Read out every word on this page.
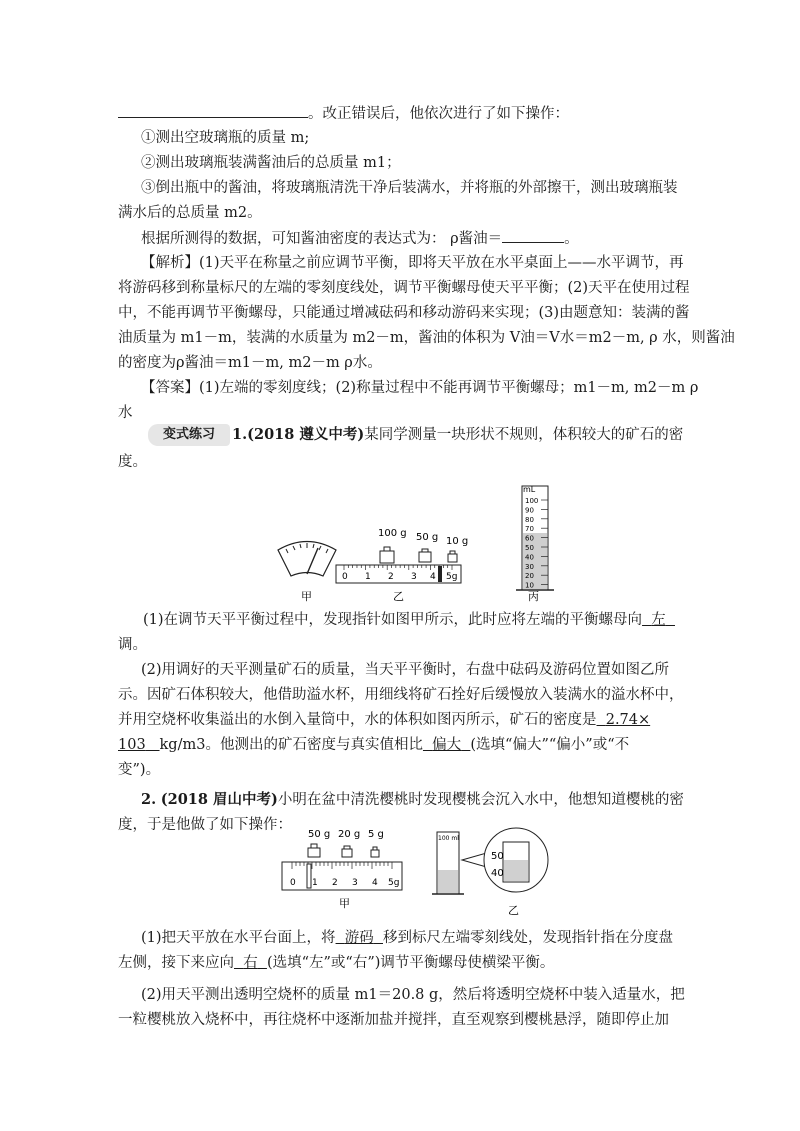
。改正错误后，他依次进行了如下操作：
①测出空玻璃瓶的质量 m;
②测出玻璃瓶装满酱油后的总质量 m1；
③倒出瓶中的酱油，将玻璃瓶清洗干净后装满水，并将瓶的外部擦干，测出玻璃瓶装
满水后的总质量 m2。
根据所测得的数据，可知酱油密度的表达式为： ρ酱油＝	。
【解析】(1)天平在称量之前应调节平衡，即将天平放在水平桌面上——水平调节，再
将游码移到称量标尺的左端的零刻度线处，调节平衡螺母使天平平衡；(2)天平在使用过程
中，不能再调节平衡螺母，只能通过增减砝码和移动游码来实现；(3)由题意知：装满的酱
油质量为 m1－m，装满的水质量为 m2－m，酱油的体积为 V油＝V水＝m2－m, ρ 水，则酱油
的密度为ρ酱油＝m1－m, m2－m ρ水。
【答案】(1)左端的零刻度线；(2)称量过程中不能再调节平衡螺母；m1－m, m2－m ρ
水
变式练习	1.(2018 遵义中考)某同学测量一块形状不规则，体积较大的矿石的密
度。
甲
100 g 50 g 10 g
0 1 2 3 4 5g
乙
mL
100
90
80
70
60
50
40
30
20
10
丙
(1)在调节天平平衡过程中，发现指针如图甲所示，此时应将左端的平衡螺母向 左
调。
(2)用调好的天平测量矿石的质量，当天平平衡时，右盘中砝码及游码位置如图乙所
示。因矿石体积较大，他借助溢水杯，用细线将矿石拴好后缓慢放入装满水的溢水杯中，
并用空烧杯收集溢出的水倒入量筒中，水的体积如图丙所示，矿石的密度是 2.74×
103 kg/m3。他测出的矿石密度与真实值相比 偏大 (选填“偏大”“偏小”或“不
变”)。
2. (2018 眉山中考)小明在盆中清洗樱桃时发现樱桃会沉入水中，他想知道樱桃的密
度，于是他做了如下操作：
50 g 20 g 5 g
0 1 2 3 4 5g
甲
100 ml
50
40
乙
(1)把天平放在水平台面上，将 游码 移到标尺左端零刻线处，发现指针指在分度盘
左侧，接下来应向 右 (选填“左”或“右”)调节平衡螺母使横梁平衡。
(2)用天平测出透明空烧杯的质量 m1＝20.8 g，然后将透明空烧杯中装入适量水，把
一粒樱桃放入烧杯中，再往烧杯中逐渐加盐并搅拌，直至观察到樱桃悬浮，随即停止加
